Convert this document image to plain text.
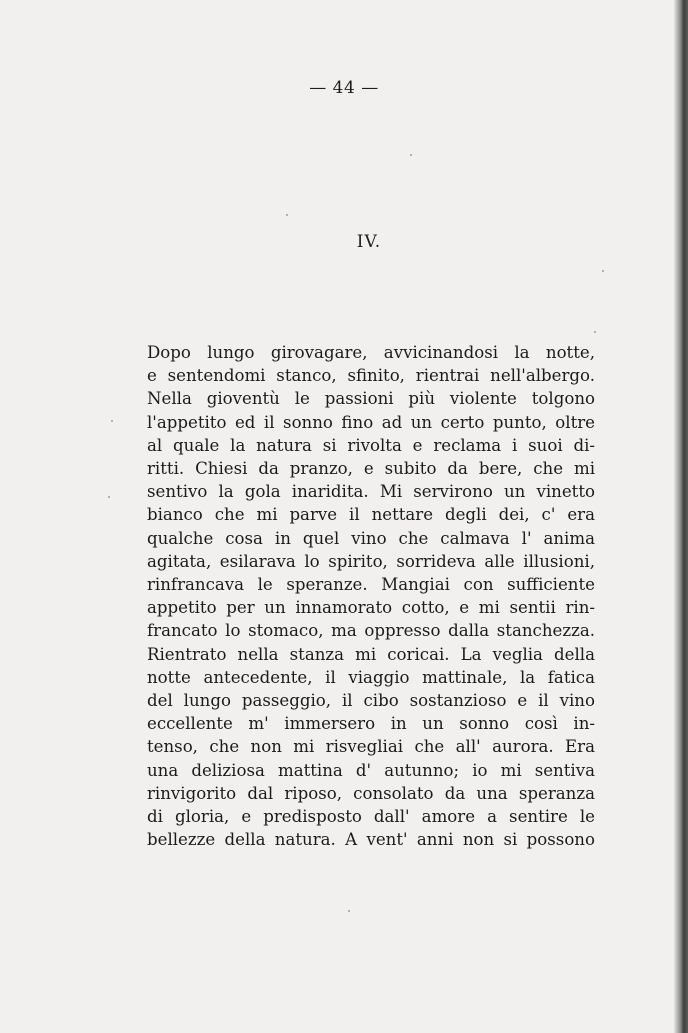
— 44 —
IV.
Dopo lungo girovagare, avvicinandosi la notte,
e sentendomi stanco, sfinito, rientrai nell'albergo.
Nella gioventù le passioni più violente tolgono
l'appetito ed il sonno fino ad un certo punto, oltre
al quale la natura si rivolta e reclama i suoi di-
ritti. Chiesi da pranzo, e subito da bere, che mi
sentivo la gola inaridita. Mi servirono un vinetto
bianco che mi parve il nettare degli dei, c' era
qualche cosa in quel vino che calmava l' anima
agitata, esilarava lo spirito, sorrideva alle illusioni,
rinfrancava le speranze. Mangiai con sufficiente
appetito per un innamorato cotto, e mi sentii rin-
francato lo stomaco, ma oppresso dalla stanchezza.
Rientrato nella stanza mi coricai. La veglia della
notte antecedente, il viaggio mattinale, la fatica
del lungo passeggio, il cibo sostanzioso e il vino
eccellente m' immersero in un sonno così in-
tenso, che non mi risvegliai che all' aurora. Era
una deliziosa mattina d' autunno; io mi sentiva
rinvigorito dal riposo, consolato da una speranza
di gloria, e predisposto dall' amore a sentire le
bellezze della natura. A vent' anni non si possono
